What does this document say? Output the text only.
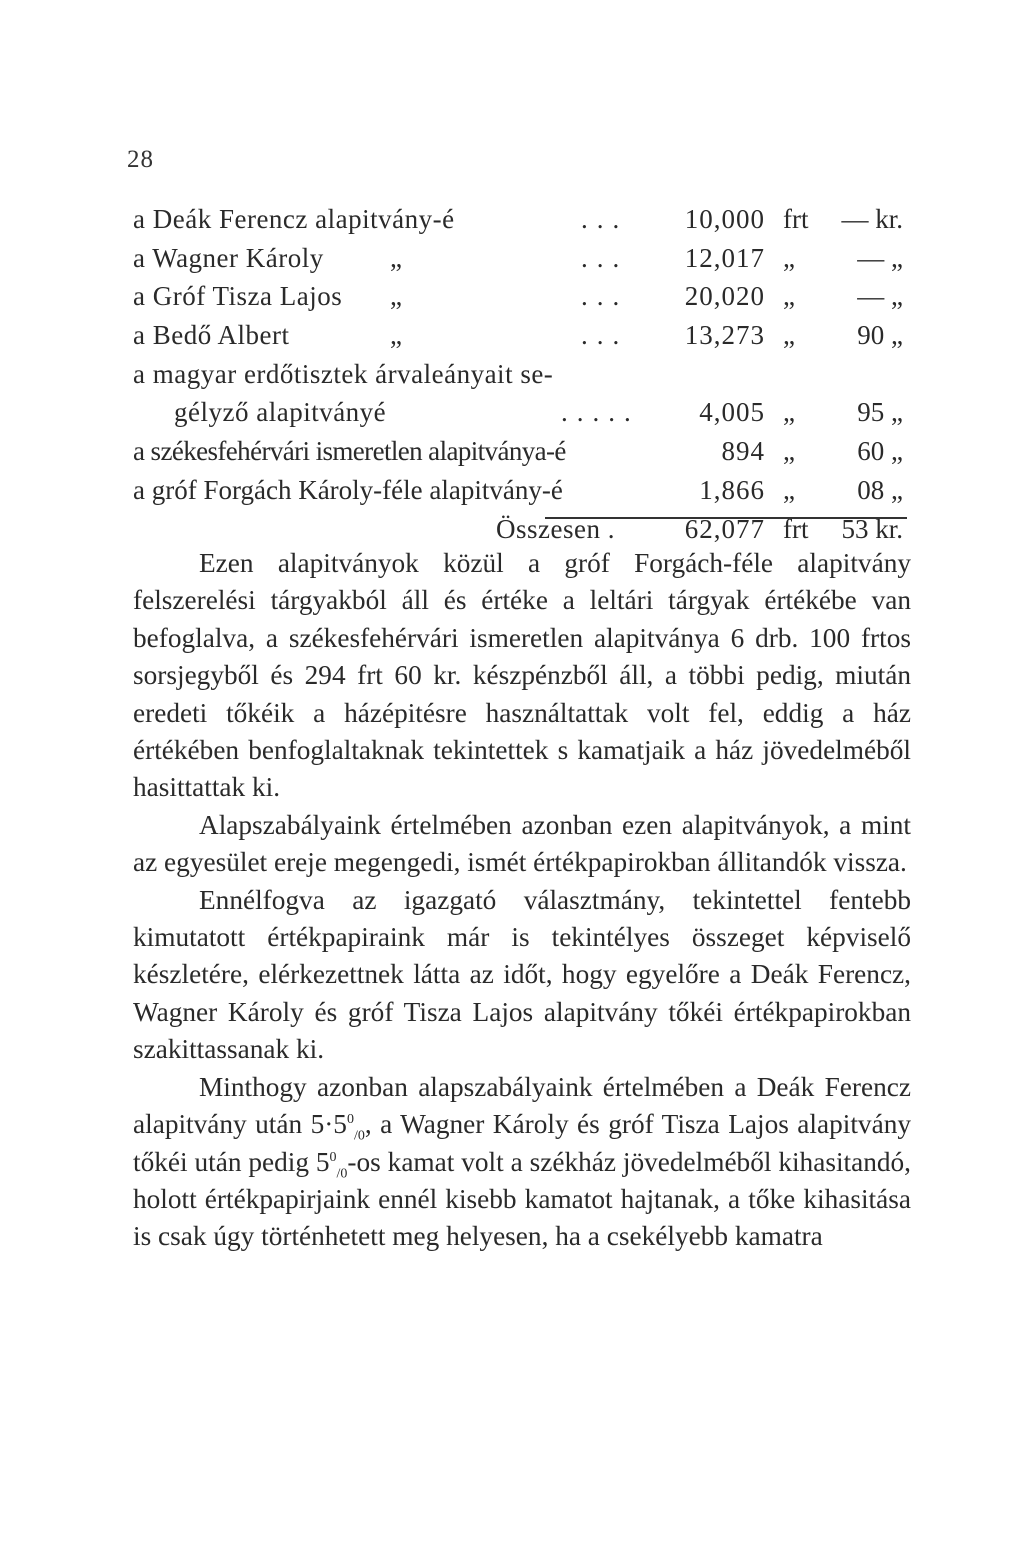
28
a Deák Ferencz alapitvány-é	... 10,000 frt	— kr.
a Wagner Károly „	... 12,017 „	— „
a Gróf Tisza Lajos „	... 20,020 „	— „
a Bedő Albert	„	... 13,273 „	90 „
a magyar erdőtisztek árvaleányait se-
gélyző alapitványé	..... 4,005 „	95 „
a székesfehérvári ismeretlen alapitványa-é	894 „	60 „
a gróf Forgách Károly-féle alapitvány-é	1,866 „	08 „
Összesen .	62,077 frt	53 kr.

Ezen alapitványok közül a gróf Forgách-féle alapitvány felszerelési tárgyakból áll és értéke a leltári tárgyak értékébe van befoglalva, a székesfehérvári ismeretlen alapitványa 6 drb. 100 frtos sorsjegyből és 294 frt 60 kr. készpénzből áll, a többi pedig, miután eredeti tőkéik a házépitésre használtattak volt fel, eddig a ház értékében benfoglaltaknak tekintettek s kamatjaik a ház jövedelméből hasittattak ki.

Alapszabályaink értelmében azonban ezen alapitványok, a mint az egyesület ereje megengedi, ismét értékpapirokban állitandók vissza.

Ennélfogva az igazgató választmány, tekintettel fentebb kimutatott értékpapiraink már is tekintélyes összeget képviselő készletére, elérkezettnek látta az időt, hogy egyelőre a Deák Ferencz, Wagner Károly és gróf Tisza Lajos alapitvány tőkéi értékpapirokban szakittassanak ki.

Minthogy azonban alapszabályaink értelmében a Deák Ferencz alapitvány után $5\cdot 5^0_{/0}$, a Wagner Károly és gróf Tisza Lajos alapitvány tőkéi után pedig $5^0_{/0}-os$ kamat volt a székház jövedelméből kihasitandó, holott értékpapirjaink ennél kisebb kamatot hajtanak, a tőke kihasitása is csak úgy történhetett meg helyesen, ha a csekélyebb kamatra
